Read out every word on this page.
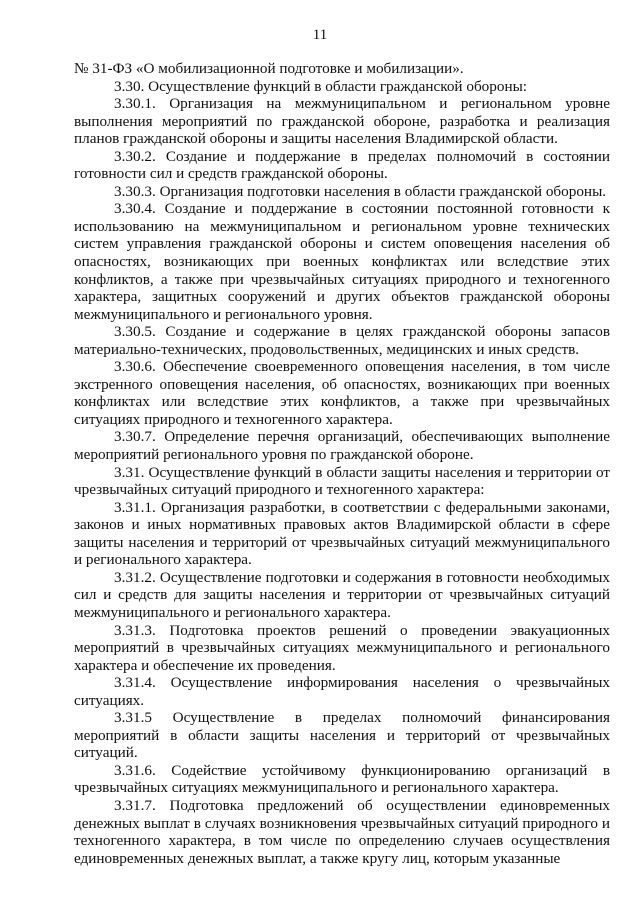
11

№ 31-ФЗ «О мобилизационной подготовке и мобилизации».

3.30. Осуществление функций в области гражданской обороны:

3.30.1. Организация на межмуниципальном и региональном уровне выполнения мероприятий по гражданской обороне, разработка и реализация планов гражданской обороны и защиты населения Владимирской области.

3.30.2. Создание и поддержание в пределах полномочий в состоянии готовности сил и средств гражданской обороны.

3.30.3. Организация подготовки населения в области гражданской обороны.

3.30.4. Создание и поддержание в состоянии постоянной готовности к использованию на межмуниципальном и региональном уровне технических систем управления гражданской обороны и систем оповещения населения об опасностях, возникающих при военных конфликтах или вследствие этих конфликтов, а также при чрезвычайных ситуациях природного и техногенного характера, защитных сооружений и других объектов гражданской обороны межмуниципального и регионального уровня.

3.30.5. Создание и содержание в целях гражданской обороны запасов материально-технических, продовольственных, медицинских и иных средств.

3.30.6. Обеспечение своевременного оповещения населения, в том числе экстренного оповещения населения, об опасностях, возникающих при военных конфликтах или вследствие этих конфликтов, а также при чрезвычайных ситуациях природного и техногенного характера.

3.30.7. Определение перечня организаций, обеспечивающих выполнение мероприятий регионального уровня по гражданской обороне.

3.31. Осуществление функций в области защиты населения и территории от чрезвычайных ситуаций природного и техногенного характера:

3.31.1. Организация разработки, в соответствии с федеральными законами, законов и иных нормативных правовых актов Владимирской области в сфере защиты населения и территорий от чрезвычайных ситуаций межмуниципального и регионального характера.

3.31.2. Осуществление подготовки и содержания в готовности необходимых сил и средств для защиты населения и территории от чрезвычайных ситуаций межмуниципального и регионального характера.

3.31.3. Подготовка проектов решений о проведении эвакуационных мероприятий в чрезвычайных ситуациях межмуниципального и регионального характера и обеспечение их проведения.

3.31.4. Осуществление информирования населения о чрезвычайных ситуациях.

3.31.5 Осуществление в пределах полномочий финансирования мероприятий в области защиты населения и территорий от чрезвычайных ситуаций.

3.31.6. Содействие устойчивому функционированию организаций в чрезвычайных ситуациях межмуниципального и регионального характера.

3.31.7. Подготовка предложений об осуществлении единовременных денежных выплат в случаях возникновения чрезвычайных ситуаций природного и техногенного характера, в том числе по определению случаев осуществления единовременных денежных выплат, а также кругу лиц, которым указанные
